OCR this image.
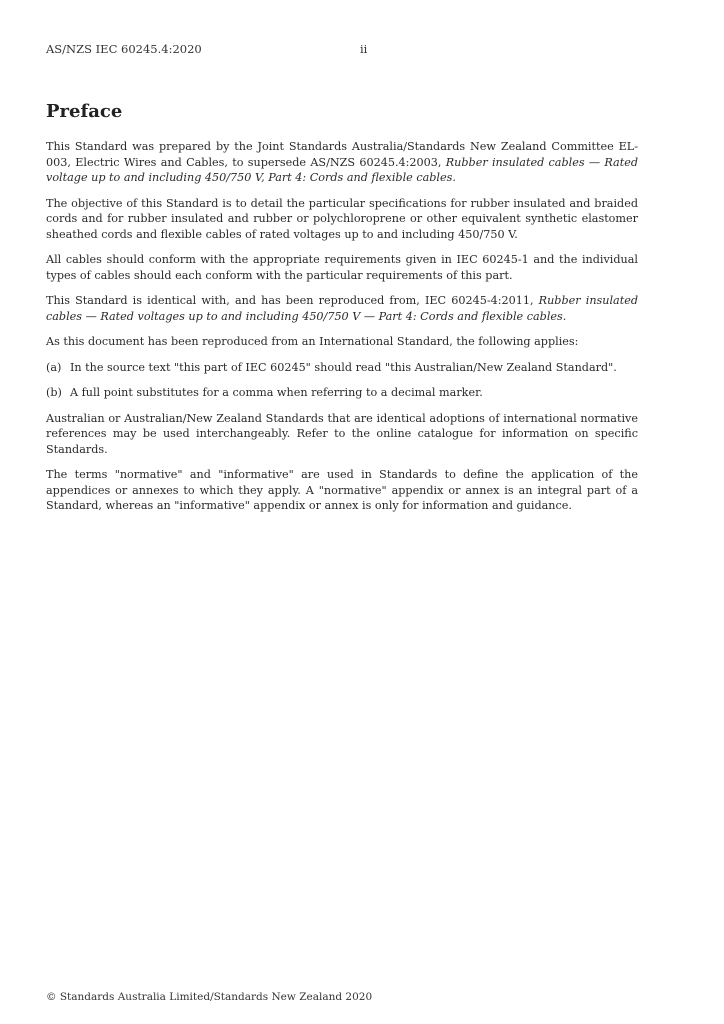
AS/NZS IEC 60245.4:2020	ii
Preface

This Standard was prepared by the Joint Standards Australia/Standards New Zealand Committee EL-003, Electric Wires and Cables, to supersede AS/NZS 60245.4:2003, Rubber insulated cables — Rated voltage up to and including 450/750 V, Part 4: Cords and flexible cables.

The objective of this Standard is to detail the particular specifications for rubber insulated and braided cords and for rubber insulated and rubber or polychloroprene or other equivalent synthetic elastomer sheathed cords and flexible cables of rated voltages up to and including 450/750 V.

All cables should conform with the appropriate requirements given in IEC 60245-1 and the individual types of cables should each conform with the particular requirements of this part.

This Standard is identical with, and has been reproduced from, IEC 60245-4:2011, Rubber insulated cables — Rated voltages up to and including 450/750 V — Part 4: Cords and flexible cables.

As this document has been reproduced from an International Standard, the following applies:

(a) In the source text "this part of IEC 60245" should read "this Australian/New Zealand Standard".
(b) A full point substitutes for a comma when referring to a decimal marker.

Australian or Australian/New Zealand Standards that are identical adoptions of international normative references may be used interchangeably. Refer to the online catalogue for information on specific Standards.

The terms "normative" and "informative" are used in Standards to define the application of the appendices or annexes to which they apply. A "normative" appendix or annex is an integral part of a Standard, whereas an "informative" appendix or annex is only for information and guidance.

© Standards Australia Limited/Standards New Zealand 2020
